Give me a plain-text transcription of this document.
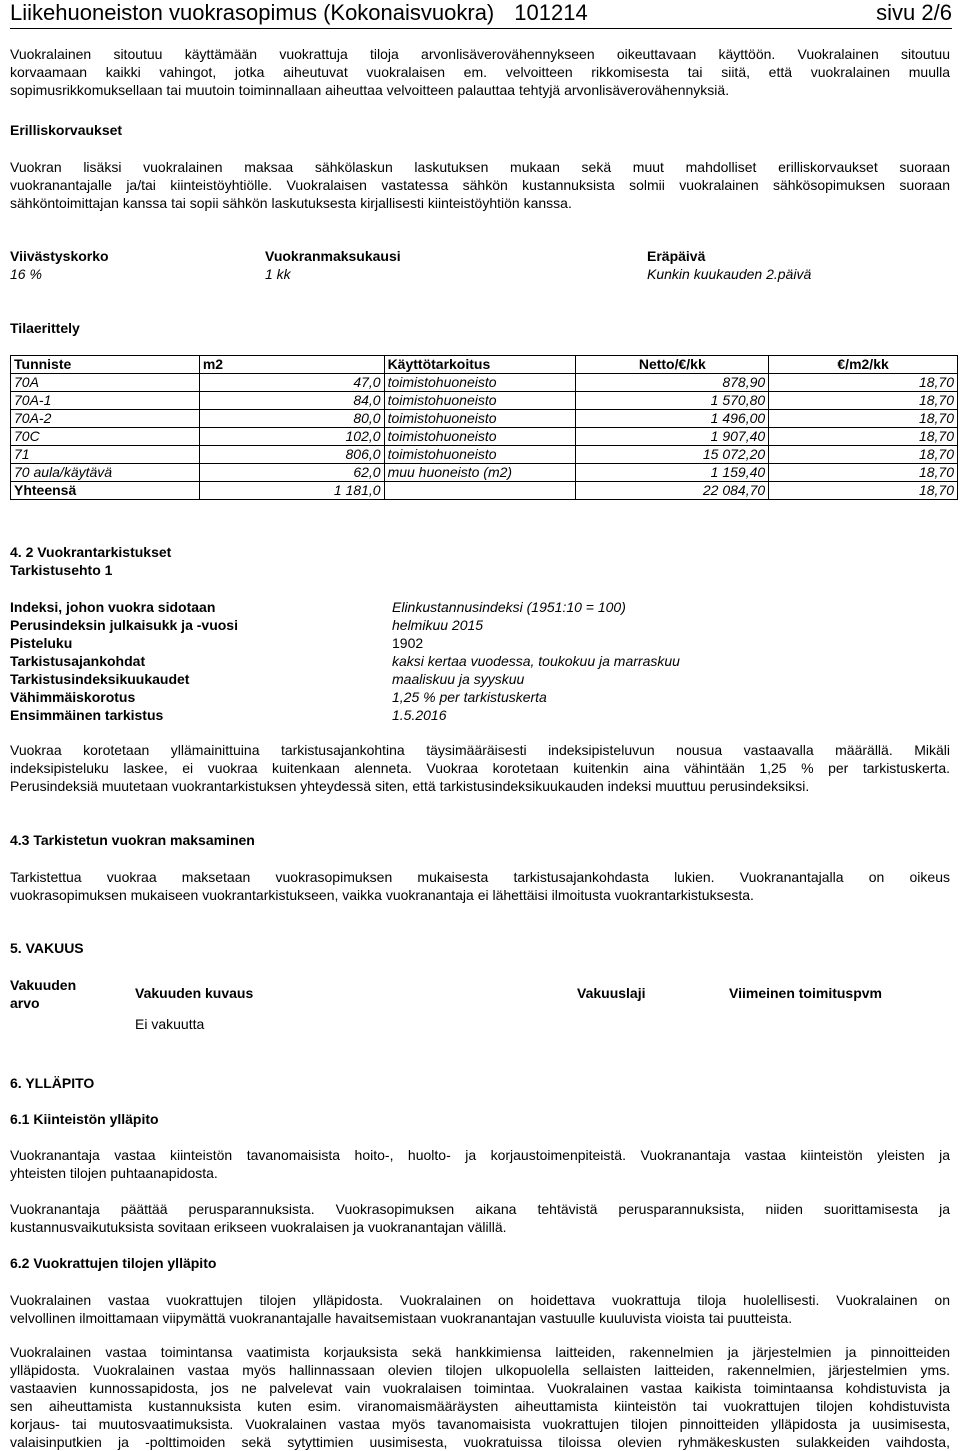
Liikehuoneiston vuokrasopimus (Kokonaisvuokra) 101214	sivu 2/6

Vuokralainen sitoutuu käyttämään vuokrattuja tiloja arvonlisäverovähennykseen oikeuttavaan käyttöön. Vuokralainen sitoutuu

korvaamaan kaikki vahingot, jotka aiheutuvat vuokralaisen em. velvoitteen rikkomisesta tai siitä, että vuokralainen muulla

sopimusrikkomuksellaan tai muutoin toiminnallaan aiheuttaa velvoitteen palauttaa tehtyjä arvonlisäverovähennyksiä.

Erilliskorvaukset

Vuokran lisäksi vuokralainen maksaa sähkölaskun laskutuksen mukaan sekä muut mahdolliset erilliskorvaukset suoraan

vuokranantajalle ja/tai kiinteistöyhtiölle. Vuokralaisen vastatessa sähkön kustannuksista solmii vuokralainen sähkösopimuksen suoraan

sähköntoimittajan kanssa tai sopii sähkön laskutuksesta kirjallisesti kiinteistöyhtiön kanssa.

Viivästyskorko	Vuokranmaksukausi	Eräpäivä
16 %	1 kk	Kunkin kuukauden 2.päivä
Tilaerittely
Tunniste	m2	Käyttötarkoitus	Netto/€/kk	€/m2/kk
70A	47,0	toimistohuoneisto	878,90	18,70
70A-1	84,0	toimistohuoneisto	1 570,80	18,70
70A-2	80,0	toimistohuoneisto	1 496,00	18,70
70C	102,0	toimistohuoneisto	1 907,40	18,70
71	806,0	toimistohuoneisto	15 072,20	18,70
70 aula/käytävä	62,0	muu huoneisto (m2)	1 159,40	18,70
Yhteensä	1 181,0		22 084,70	18,70
4. 2 Vuokrantarkistukset
Tarkistusehto 1
Indeksi, johon vuokra sidotaan	Elinkustannusindeksi (1951:10 = 100)
Perusindeksin julkaisukk ja -vuosi	helmikuu 2015
Pisteluku	1902
Tarkistusajankohdat	kaksi kertaa vuodessa, toukokuu ja marraskuu
Tarkistusindeksikuukaudet	maaliskuu ja syyskuu
Vähimmäiskorotus	1,25 % per tarkistuskerta
Ensimmäinen tarkistus	1.5.2016

Vuokraa korotetaan yllämainittuina tarkistusajankohtina täysimääräisesti indeksipisteluvun nousua vastaavalla määrällä. Mikäli

indeksipisteluku laskee, ei vuokraa kuitenkaan alenneta. Vuokraa korotetaan kuitenkin aina vähintään 1,25 % per tarkistuskerta.

Perusindeksiä muutetaan vuokrantarkistuksen yhteydessä siten, että tarkistusindeksikuukauden indeksi muuttuu perusindeksiksi.

4.3 Tarkistetun vuokran maksaminen

Tarkistettua vuokraa maksetaan vuokrasopimuksen mukaisesta tarkistusajankohdasta lukien. Vuokranantajalla on oikeus

vuokrasopimuksen mukaiseen vuokrantarkistukseen, vaikka vuokranantaja ei lähettäisi ilmoitusta vuokrantarkistuksesta.

5. VAKUUS
Vakuuden
arvo
Vakuuden kuvaus	Vakuuslaji	Viimeinen toimituspvm
Ei vakuutta
6. YLLÄPITO
6.1 Kiinteistön ylläpito

Vuokranantaja vastaa kiinteistön tavanomaisista hoito-, huolto- ja korjaustoimenpiteistä. Vuokranantaja vastaa kiinteistön yleisten ja

yhteisten tilojen puhtaanapidosta.

Vuokranantaja päättää perusparannuksista. Vuokrasopimuksen aikana tehtävistä perusparannuksista, niiden suorittamisesta ja

kustannusvaikutuksista sovitaan erikseen vuokralaisen ja vuokranantajan välillä.

6.2 Vuokrattujen tilojen ylläpito

Vuokralainen vastaa vuokrattujen tilojen ylläpidosta. Vuokralainen on hoidettava vuokrattuja tiloja huolellisesti. Vuokralainen on

velvollinen ilmoittamaan viipymättä vuokranantajalle havaitsemistaan vuokranantajan vastuulle kuuluvista vioista tai puutteista.

Vuokralainen vastaa toimintansa vaatimista korjauksista sekä hankkimiensa laitteiden, rakennelmien ja järjestelmien ja pinnoitteiden

ylläpidosta. Vuokralainen vastaa myös hallinnassaan olevien tilojen ulkopuolella sellaisten laitteiden, rakennelmien, järjestelmien yms.

vastaavien kunnossapidosta, jos ne palvelevat vain vuokralaisen toimintaa. Vuokralainen vastaa kaikista toimintaansa kohdistuvista ja

sen aiheuttamista kustannuksista kuten esim. viranomaismääräysten aiheuttamista kiinteistön tai vuokrattujen tilojen kohdistuvista

korjaus- tai muutosvaatimuksista. Vuokralainen vastaa myös tavanomaisista vuokrattujen tilojen pinnoitteiden ylläpidosta ja uusimisesta,

valaisinputkien ja -polttimoiden sekä sytyttimien uusimisesta, vuokratuissa tiloissa olevien ryhmäkeskusten sulakkeiden vaihdosta,
